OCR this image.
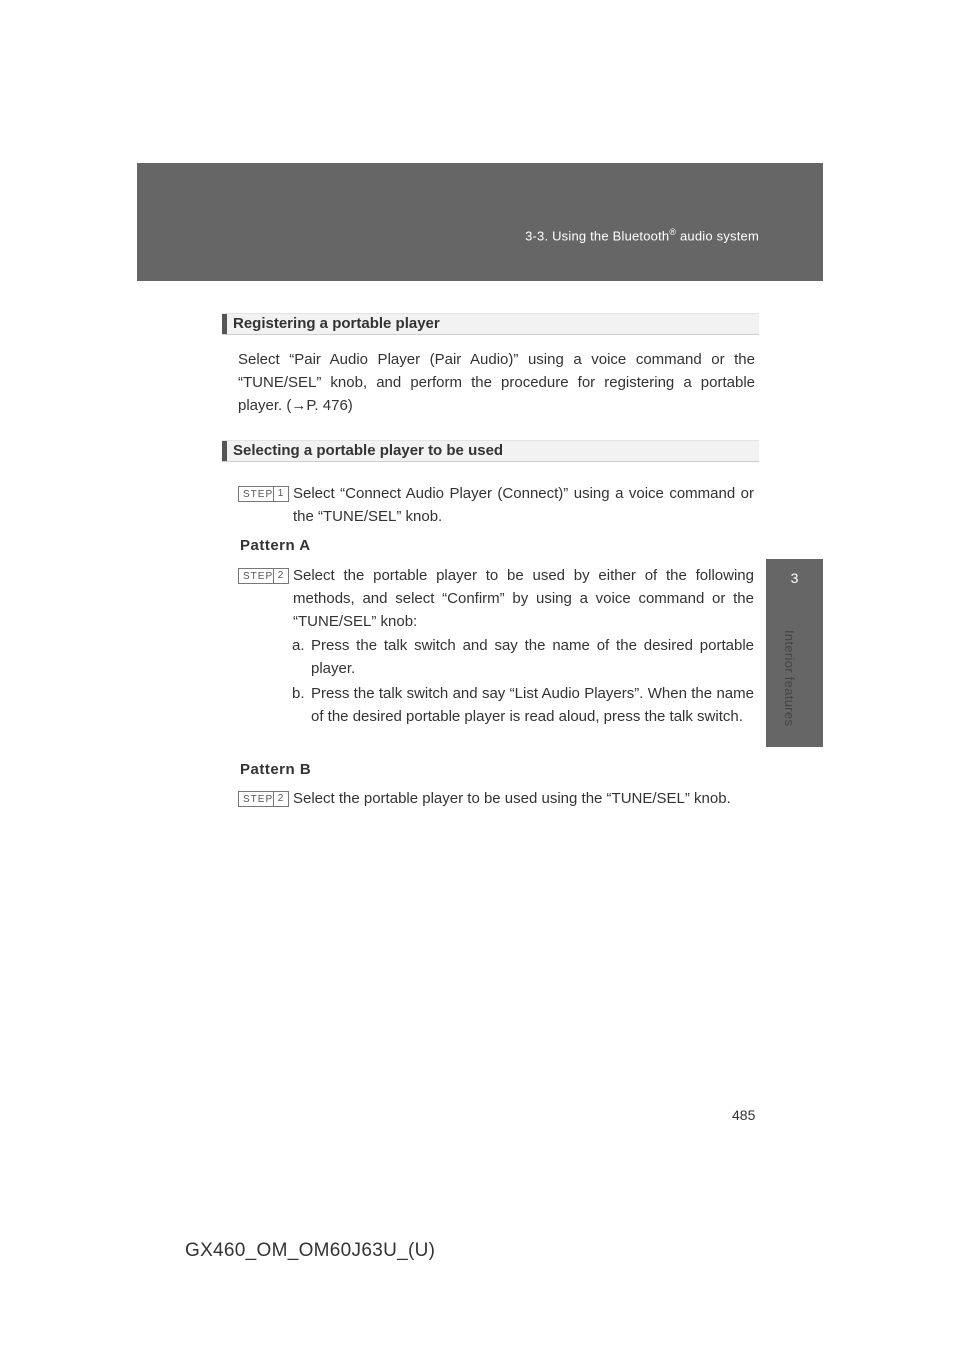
3-3. Using the Bluetooth® audio system
3
Interior features
Registering a portable player
Select “Pair Audio Player (Pair Audio)” using a voice command or the “TUNE/SEL” knob, and perform the procedure for registering a portable player. (→P. 476)
Selecting a portable player to be used
STEP 1 Select “Connect Audio Player (Connect)” using a voice command or the “TUNE/SEL” knob.
Pattern A
STEP 2 Select the portable player to be used by either of the following methods, and select “Confirm” by using a voice command or the “TUNE/SEL” knob:
a. Press the talk switch and say the name of the desired portable player.
b. Press the talk switch and say “List Audio Players”. When the name of the desired portable player is read aloud, press the talk switch.
Pattern B
STEP 2 Select the portable player to be used using the “TUNE/SEL” knob.
485
GX460_OM_OM60J63U_(U)
